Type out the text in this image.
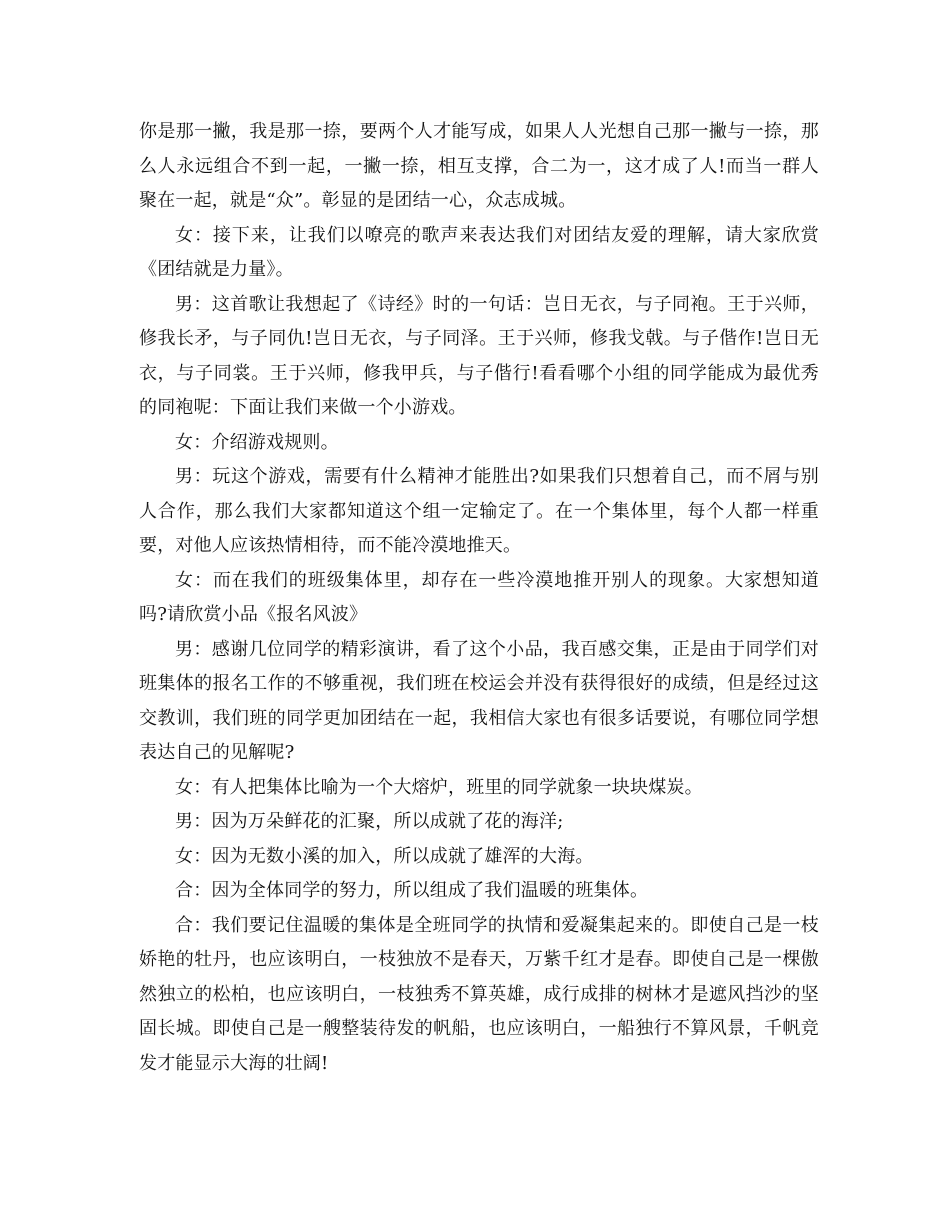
你是那一撇，我是那一捺，要两个人才能写成，如果人人光想自己那一撇与一捺，那么人永远组合不到一起，一撇一捺，相互支撑，合二为一，这才成了人!而当一群人聚在一起，就是“众”。彰显的是团结一心，众志成城。

女：接下来，让我们以嘹亮的歌声来表达我们对团结友爱的理解，请大家欣赏《团结就是力量》。

男：这首歌让我想起了《诗经》时的一句话：岂日无衣，与子同袍。王于兴师，修我长矛，与子同仇!岂日无衣，与子同泽。王于兴师，修我戈戟。与子偕作!岂日无衣，与子同裳。王于兴师，修我甲兵，与子偕行!看看哪个小组的同学能成为最优秀的同袍呢：下面让我们来做一个小游戏。

女：介绍游戏规则。

男：玩这个游戏，需要有什么精神才能胜出?如果我们只想着自己，而不屑与别人合作，那么我们大家都知道这个组一定输定了。在一个集体里，每个人都一样重要，对他人应该热情相待，而不能冷漠地推天。

女：而在我们的班级集体里，却存在一些冷漠地推开别人的现象。大家想知道吗?请欣赏小品《报名风波》

男：感谢几位同学的精彩演讲，看了这个小品，我百感交集，正是由于同学们对班集体的报名工作的不够重视，我们班在校运会并没有获得很好的成绩，但是经过这交教训，我们班的同学更加团结在一起，我相信大家也有很多话要说，有哪位同学想表达自己的见解呢?

女：有人把集体比喻为一个大熔炉，班里的同学就象一块块煤炭。

男：因为万朵鲜花的汇聚，所以成就了花的海洋;

女：因为无数小溪的加入，所以成就了雄浑的大海。

合：因为全体同学的努力，所以组成了我们温暖的班集体。

合：我们要记住温暖的集体是全班同学的执情和爱凝集起来的。即使自己是一枝娇艳的牡丹，也应该明白，一枝独放不是春天，万紫千红才是春。即使自己是一棵傲然独立的松柏，也应该明白，一枝独秀不算英雄，成行成排的树林才是遮风挡沙的坚固长城。即使自己是一艘整装待发的帆船，也应该明白，一船独行不算风景，千帆竞发才能显示大海的壮阔!
